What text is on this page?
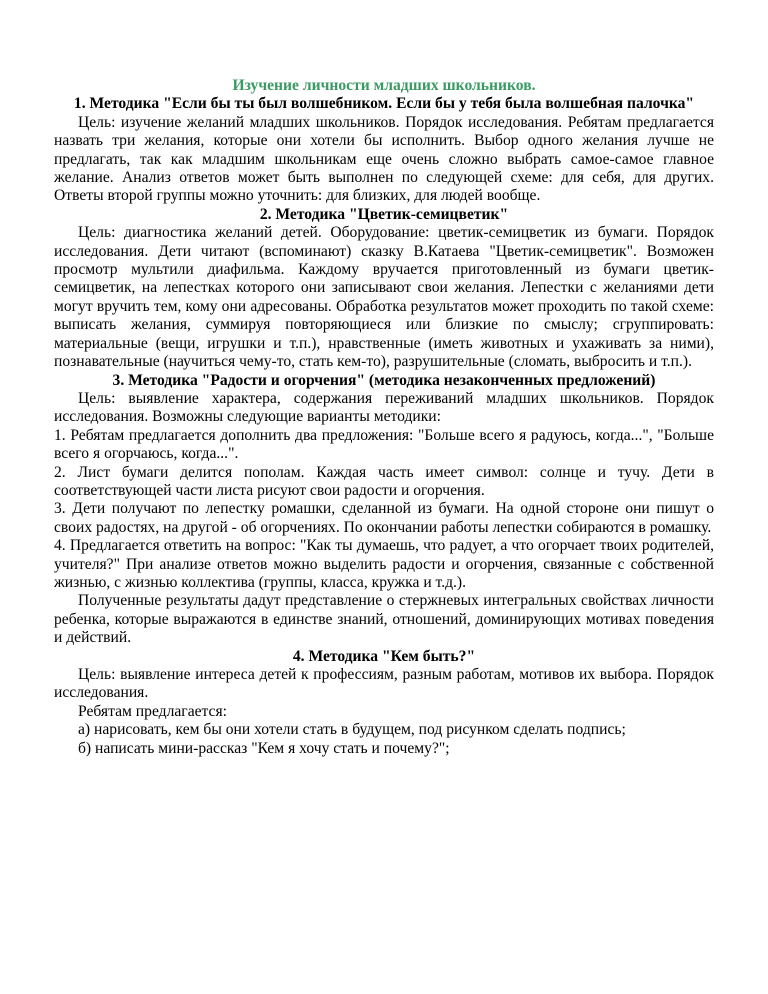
Изучение личности младших школьников.

1. Методика "Если бы ты был волшебником. Если бы у тебя была волшебная палочка"

Цель: изучение желаний младших школьников. Порядок исследования. Ребятам предлагается назвать три желания, которые они хотели бы исполнить. Выбор одного желания лучше не предлагать, так как младшим школьникам еще очень сложно выбрать самое-самое главное желание. Анализ ответов может быть выполнен по следующей схеме: для себя, для других. Ответы второй группы можно уточнить: для близких, для людей вообще.

2. Методика "Цветик-семицветик"

Цель: диагностика желаний детей. Оборудование: цветик-семицветик из бумаги. Порядок исследования. Дети читают (вспоминают) сказку В.Катаева "Цветик-семицветик". Возможен просмотр мультили диафильма. Каждому вручается приготовленный из бумаги цветик-семицветик, на лепестках которого они записывают свои желания. Лепестки с желаниями дети могут вручить тем, кому они адресованы. Обработка результатов может проходить по такой схеме: выписать желания, суммируя повторяющиеся или близкие по смыслу; сгруппировать: материальные (вещи, игрушки и т.п.), нравственные (иметь животных и ухаживать за ними), познавательные (научиться чему-то, стать кем-то), разрушительные (сломать, выбросить и т.п.).

3. Методика "Радости и огорчения" (методика незаконченных предложений)

Цель: выявление характера, содержания переживаний младших школьников. Порядок исследования. Возможны следующие варианты методики:

1. Ребятам предлагается дополнить два предложения: "Больше всего я радуюсь, когда...", "Больше всего я огорчаюсь, когда...".

2. Лист бумаги делится пополам. Каждая часть имеет символ: солнце и тучу. Дети в соответствующей части листа рисуют свои радости и огорчения.

3. Дети получают по лепестку ромашки, сделанной из бумаги. На одной стороне они пишут о своих радостях, на другой - об огорчениях. По окончании работы лепестки собираются в ромашку.

4. Предлагается ответить на вопрос: "Как ты думаешь, что радует, а что огорчает твоих родителей, учителя?" При анализе ответов можно выделить радости и огорчения, связанные с собственной жизнью, с жизнью коллектива (группы, класса, кружка и т.д.).

Полученные результаты дадут представление о стержневых интегральных свойствах личности ребенка, которые выражаются в единстве знаний, отношений, доминирующих мотивах поведения и действий.

4. Методика "Кем быть?"

Цель: выявление интереса детей к профессиям, разным работам, мотивов их выбора. Порядок исследования.

Ребятам предлагается:

а) нарисовать, кем бы они хотели стать в будущем, под рисунком сделать подпись;

б) написать мини-рассказ "Кем я хочу стать и почему?";
